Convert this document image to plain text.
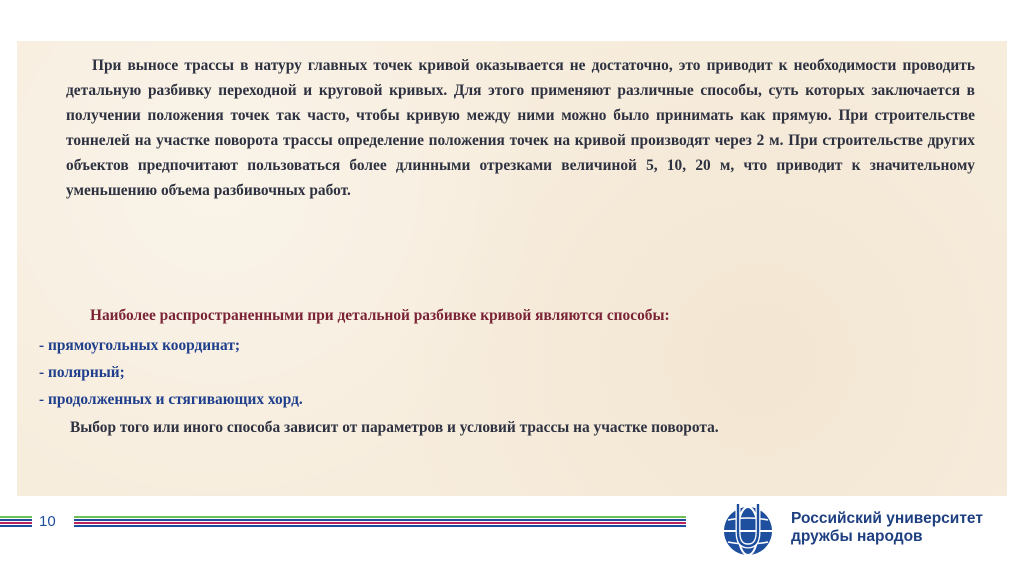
При выносе трассы в натуру главных точек кривой оказывается не достаточно, это приводит к необходимости проводить детальную разбивку переходной и круговой кривых. Для этого применяют различные способы, суть которых заключается в получении положения точек так часто, чтобы кривую между ними можно было принимать как прямую. При строительстве тоннелей на участке поворота трассы определение положения точек на кривой производят через 2 м. При строительстве других объектов предпочитают пользоваться более длинными отрезками величиной 5, 10, 20 м, что приводит к значительному уменьшению объема разбивочных работ.

Наиболее распространенными при детальной разбивке кривой являются способы:

- прямоугольных координат;
- полярный;
- продолженных и стягивающих хорд.

Выбор того или иного способа зависит от параметров и условий трассы на участке поворота.

10	Российский университет
дружбы народов
